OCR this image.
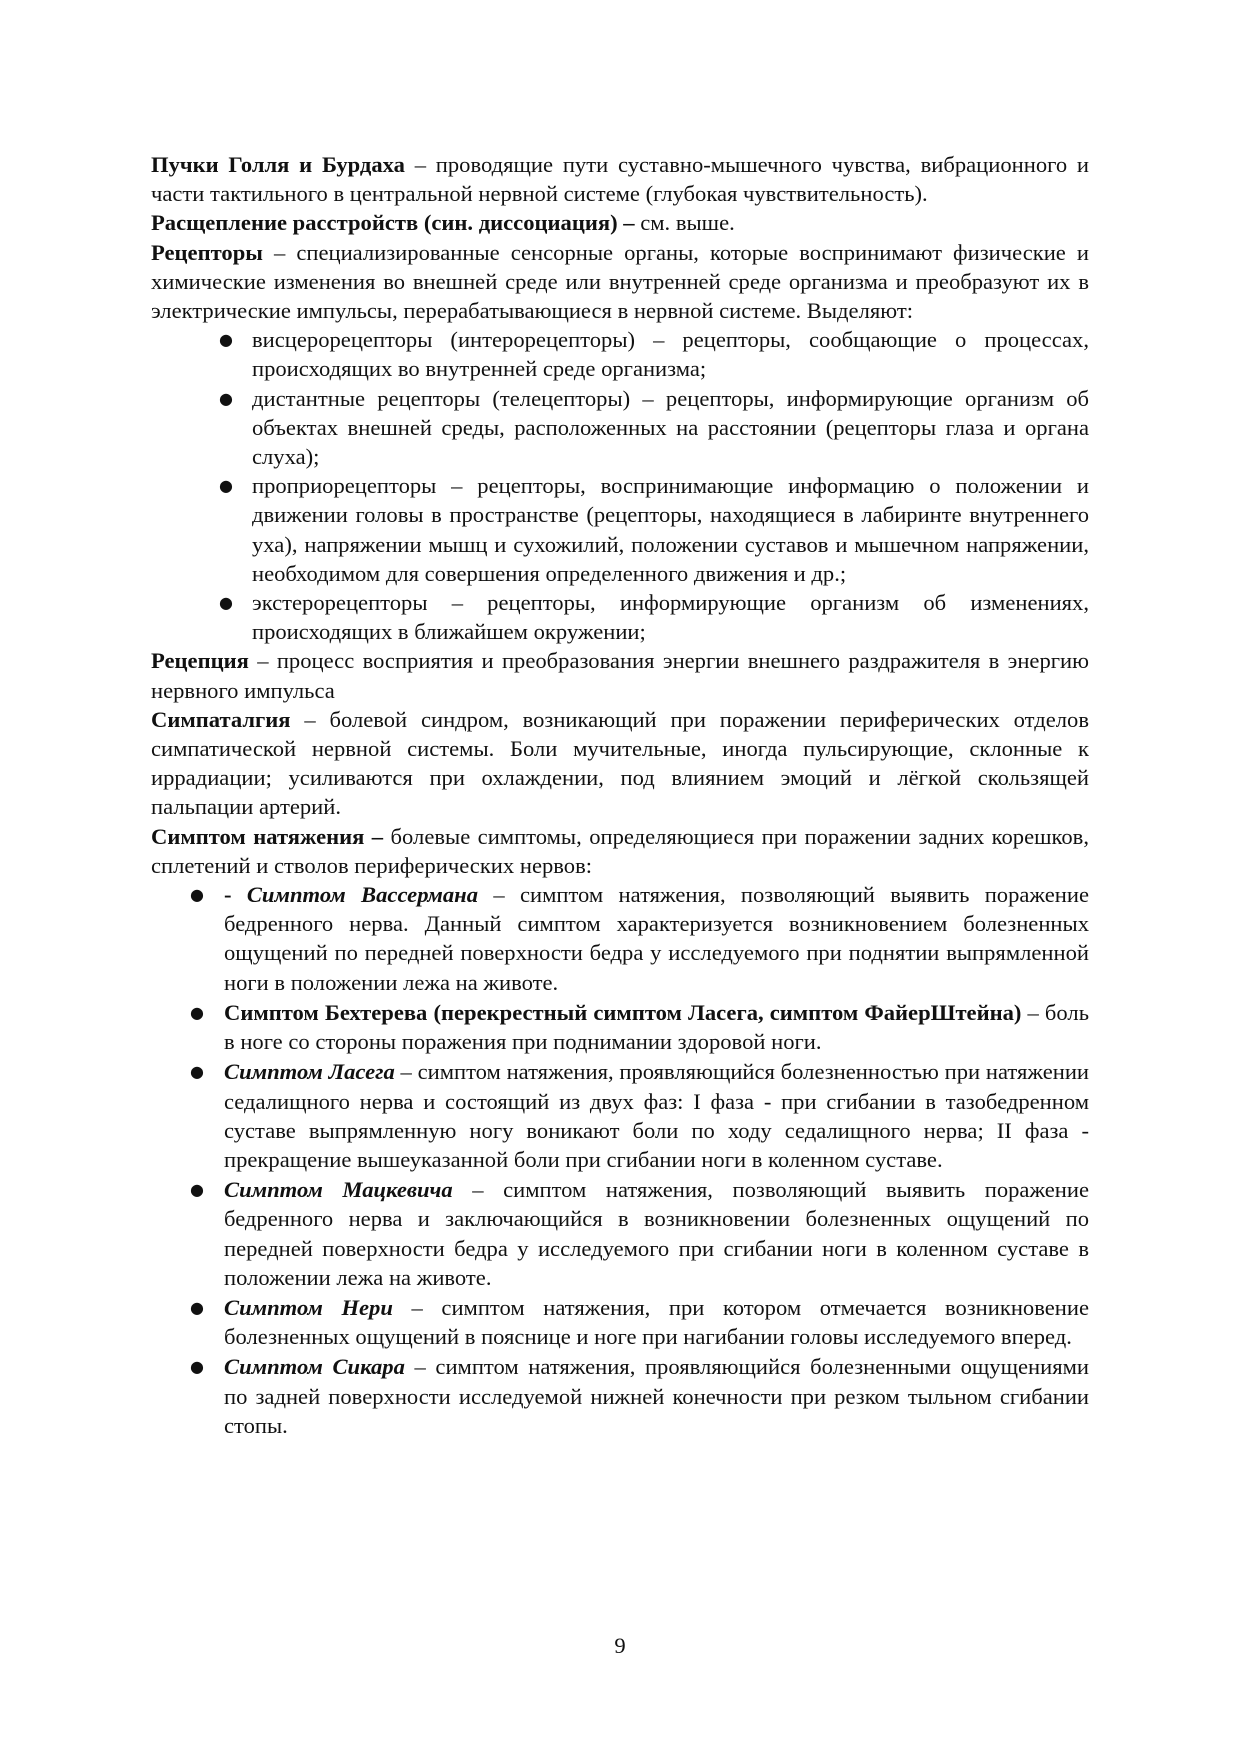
Пучки Голля и Бурдаха – проводящие пути суставно-мышечного чувства, вибрационного и части тактильного в центральной нервной системе (глубокая чувствительность).

Расщепление расстройств (син. диссоциация) – см. выше.

Рецепторы – специализированные сенсорные органы, которые воспринимают физические и химические изменения во внешней среде или внутренней среде организма и преобразуют их в электрические импульсы, перерабатывающиеся в нервной системе. Выделяют:

● висцерорецепторы (интерорецепторы) – рецепторы, сообщающие о процессах, происходящих во внутренней среде организма;
● дистантные рецепторы (телецепторы) – рецепторы, информирующие организм об объектах внешней среды, расположенных на расстоянии (рецепторы глаза и органа слуха);
● проприорецепторы – рецепторы, воспринимающие информацию о положении и движении головы в пространстве (рецепторы, находящиеся в лабиринте внутреннего уха), напряжении мышц и сухожилий, положении суставов и мышечном напряжении, необходимом для совершения определенного движения и др.;
● экстерорецепторы – рецепторы, информирующие организм об изменениях, происходящих в ближайшем окружении;

Рецепция – процесс восприятия и преобразования энергии внешнего раздражителя в энергию нервного импульса

Симпаталгия – болевой синдром, возникающий при поражении периферических отделов симпатической нервной системы. Боли мучительные, иногда пульсирующие, склонные к иррадиации; усиливаются при охлаждении, под влиянием эмоций и лёгкой скользящей пальпации артерий.

Симптом натяжения – болевые симптомы, определяющиеся при поражении задних корешков, сплетений и стволов периферических нервов:

● - Симптом Вассермана – симптом натяжения, позволяющий выявить поражение бедренного нерва. Данный симптом характеризуется возникновением болезненных ощущений по передней поверхности бедра у исследуемого при поднятии выпрямленной ноги в положении лежа на животе.
● Симптом Бехтерева (перекрестный симптом Ласега, симптом ФайерШтейна) – боль в ноге со стороны поражения при поднимании здоровой ноги.
● Симптом Ласега – симптом натяжения, проявляющийся болезненностью при натяжении седалищного нерва и состоящий из двух фаз: I фаза - при сгибании в тазобедренном суставе выпрямленную ногу воникают боли по ходу седалищного нерва; II фаза - прекращение вышеуказанной боли при сгибании ноги в коленном суставе.
● Симптом Мацкевича – симптом натяжения, позволяющий выявить поражение бедренного нерва и заключающийся в возникновении болезненных ощущений по передней поверхности бедра у исследуемого при сгибании ноги в коленном суставе в положении лежа на животе.
● Симптом Нери – симптом натяжения, при котором отмечается возникновение болезненных ощущений в пояснице и ноге при нагибании головы исследуемого вперед.
● Симптом Сикара – симптом натяжения, проявляющийся болезненными ощущениями по задней поверхности исследуемой нижней конечности при резком тыльном сгибании стопы.
9
